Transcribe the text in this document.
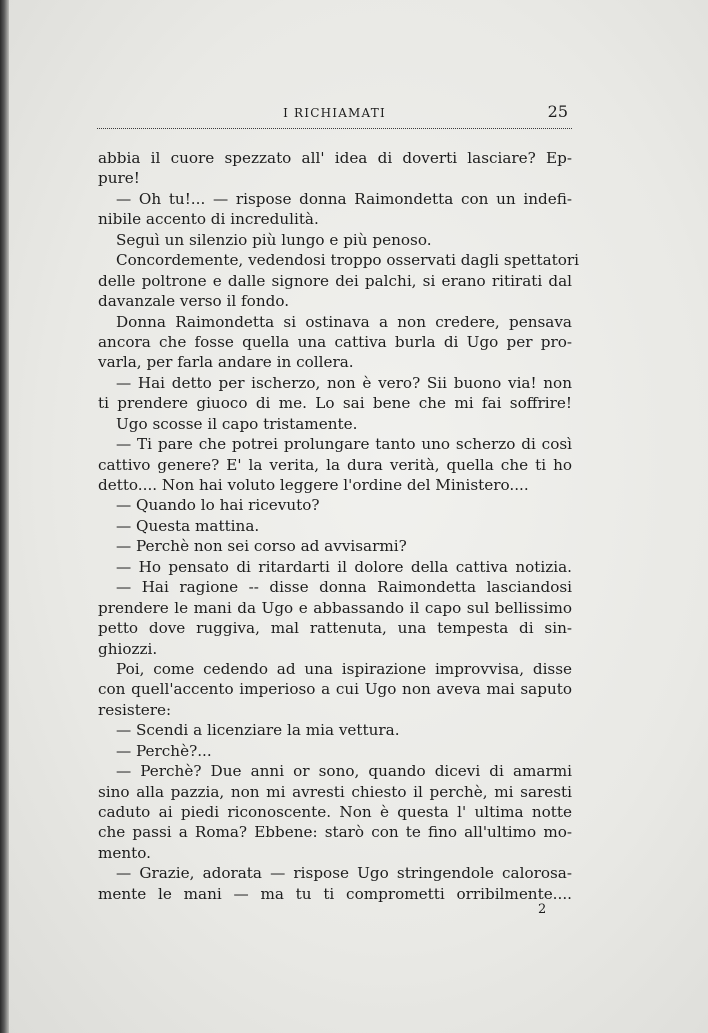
I RICHIAMATI	25
abbia il cuore spezzato all' idea di doverti lasciare? Ep-
pure!
— Oh tu!... — rispose donna Raimondetta con un indefi-
nibile accento di incredulità.
Seguì un silenzio più lungo e più penoso.
Concordemente, vedendosi troppo osservati dagli spettatori
delle poltrone e dalle signore dei palchi, si erano ritirati dal
davanzale verso il fondo.
Donna Raimondetta si ostinava a non credere, pensava
ancora che fosse quella una cattiva burla di Ugo per pro-
varla, per farla andare in collera.
— Hai detto per ischerzo, non è vero? Sii buono via! non
ti prendere giuoco di me. Lo sai bene che mi fai soffrire!
Ugo scosse il capo tristamente.
— Ti pare che potrei prolungare tanto uno scherzo di così
cattivo genere? E' la verita, la dura verità, quella che ti ho
detto.... Non hai voluto leggere l'ordine del Ministero....
— Quando lo hai ricevuto?
— Questa mattina.
— Perchè non sei corso ad avvisarmi?
— Ho pensato di ritardarti il dolore della cattiva notizia.
— Hai ragione -- disse donna Raimondetta lasciandosi
prendere le mani da Ugo e abbassando il capo sul bellissimo
petto dove ruggiva, mal rattenuta, una tempesta di sin-
ghiozzi.
Poi, come cedendo ad una ispirazione improvvisa, disse
con quell'accento imperioso a cui Ugo non aveva mai saputo
resistere:
— Scendi a licenziare la mia vettura.
— Perchè?...
— Perchè? Due anni or sono, quando dicevi di amarmi
sino alla pazzia, non mi avresti chiesto il perchè, mi saresti
caduto ai piedi riconoscente. Non è questa l' ultima notte
che passi a Roma? Ebbene: starò con te fino all'ultimo mo-
mento.
— Grazie, adorata — rispose Ugo stringendole calorosa-
mente le mani — ma tu ti comprometti orribilmente....
2
